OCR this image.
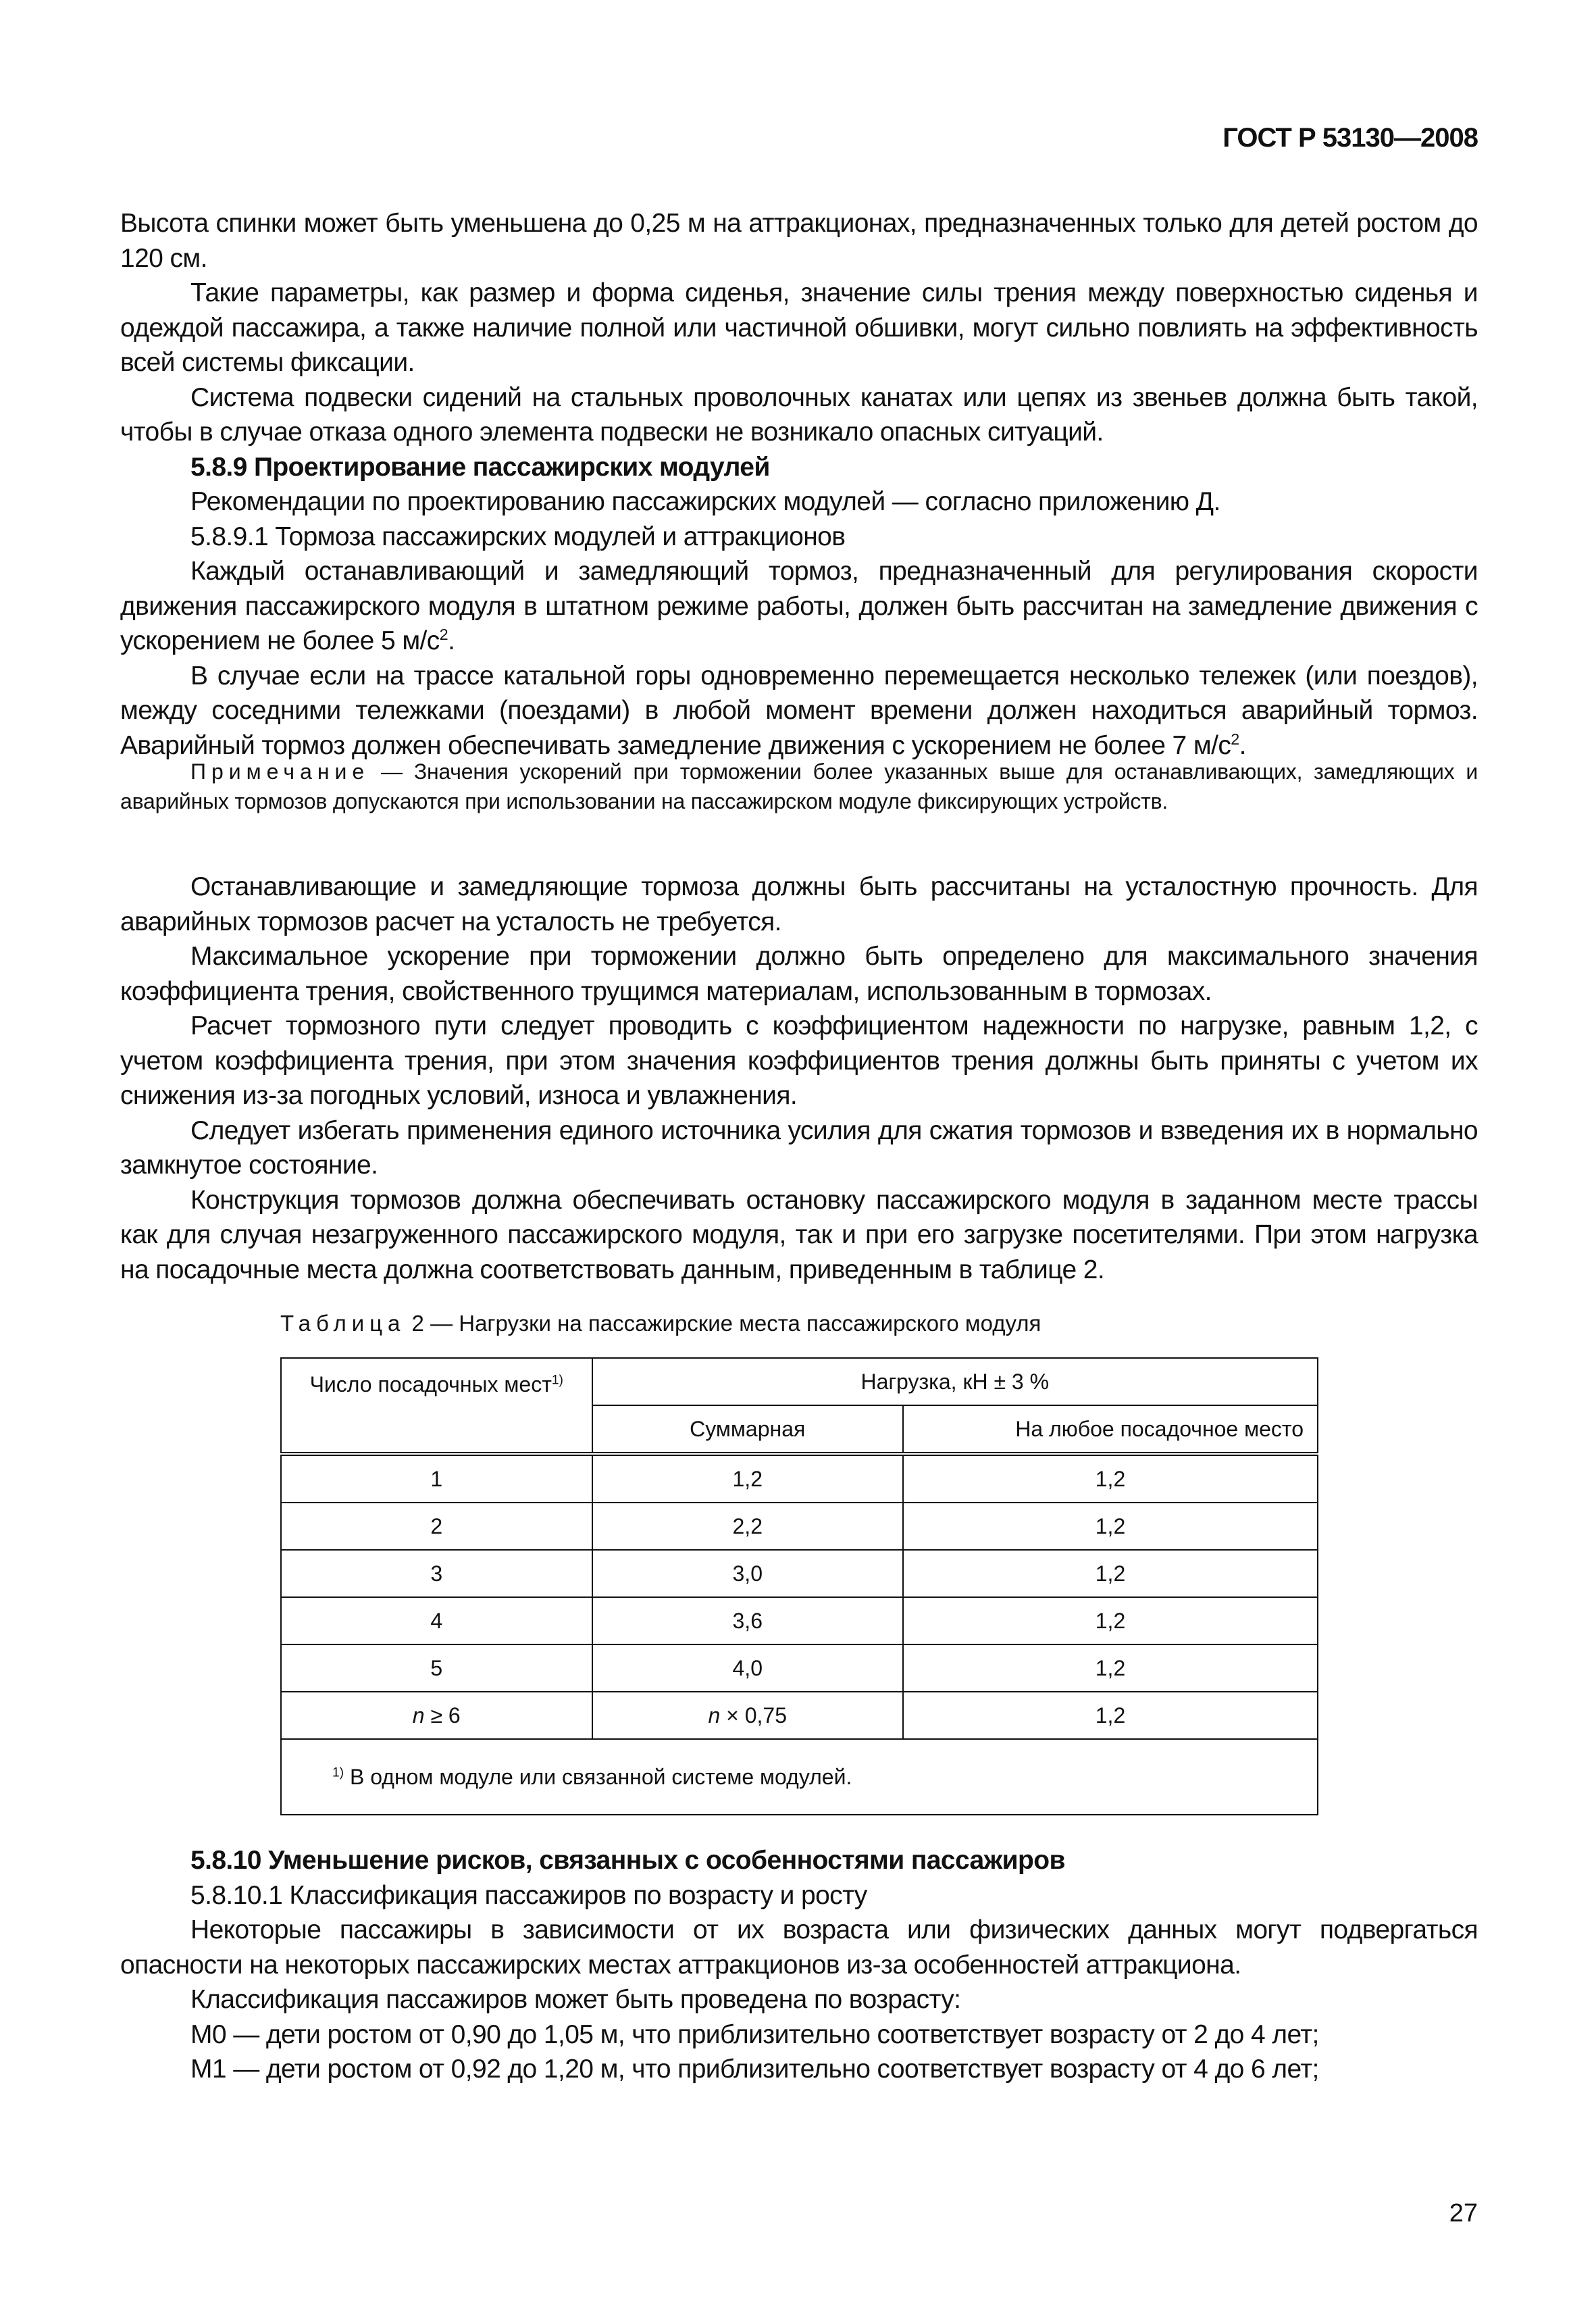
ГОСТ Р 53130—2008

Высота спинки может быть уменьшена до 0,25 м на аттракционах, предназначенных только для детей ростом до 120 см.

Такие параметры, как размер и форма сиденья, значение силы трения между поверхностью сиденья и одеждой пассажира, а также наличие полной или частичной обшивки, могут сильно повлиять на эффективность всей системы фиксации.

Система подвески сидений на стальных проволочных канатах или цепях из звеньев должна быть такой, чтобы в случае отказа одного элемента подвески не возникало опасных ситуаций.

5.8.9 Проектирование пассажирских модулей

Рекомендации по проектированию пассажирских модулей — согласно приложению Д.

5.8.9.1 Тормоза пассажирских модулей и аттракционов

Каждый останавливающий и замедляющий тормоз, предназначенный для регулирования скорости движения пассажирского модуля в штатном режиме работы, должен быть рассчитан на замедление движения с ускорением не более 5 $м/с^2$.

В случае если на трассе катальной горы одновременно перемещается несколько тележек (или поездов), между соседними тележками (поездами) в любой момент времени должен находиться аварийный тормоз. Аварийный тормоз должен обеспечивать замедление движения с ускорением не более 7 $м/с^2$.

Примечание — Значения ускорений при торможении более указанных выше для останавливающих, замедляющих и аварийных тормозов допускаются при использовании на пассажирском модуле фиксирующих устройств.

Останавливающие и замедляющие тормоза должны быть рассчитаны на усталостную прочность. Для аварийных тормозов расчет на усталость не требуется.

Максимальное ускорение при торможении должно быть определено для максимального значения коэффициента трения, свойственного трущимся материалам, использованным в тормозах.

Расчет тормозного пути следует проводить с коэффициентом надежности по нагрузке, равным 1,2, с учетом коэффициента трения, при этом значения коэффициентов трения должны быть приняты с учетом их снижения из-за погодных условий, износа и увлажнения.

Следует избегать применения единого источника усилия для сжатия тормозов и взведения их в нормально замкнутое состояние.

Конструкция тормозов должна обеспечивать остановку пассажирского модуля в заданном месте трассы как для случая незагруженного пассажирского модуля, так и при его загрузке посетителями. При этом нагрузка на посадочные места должна соответствовать данным, приведенным в таблице 2.

Таблица 2 — Нагрузки на пассажирские места пассажирского модуля
Число посадочных мест$^{1)}$	Нагрузка, кН ± 3 %	
	Суммарная	На любое посадочное место
1	1,2	1,2
2	2,2	1,2
3	3,0	1,2
4	3,6	1,2
5	4,0	1,2
n ≥ 6	n × 0,75	1,2
$^{1)}$ В одном модуле или связанной системе модулей.		

5.8.10 Уменьшение рисков, связанных с особенностями пассажиров

5.8.10.1 Классификация пассажиров по возрасту и росту

Некоторые пассажиры в зависимости от их возраста или физических данных могут подвергаться опасности на некоторых пассажирских местах аттракционов из-за особенностей аттракциона.

Классификация пассажиров может быть проведена по возрасту:

М0 — дети ростом от 0,90 до 1,05 м, что приблизительно соответствует возрасту от 2 до 4 лет;

М1 — дети ростом от 0,92 до 1,20 м, что приблизительно соответствует возрасту от 4 до 6 лет;

27
